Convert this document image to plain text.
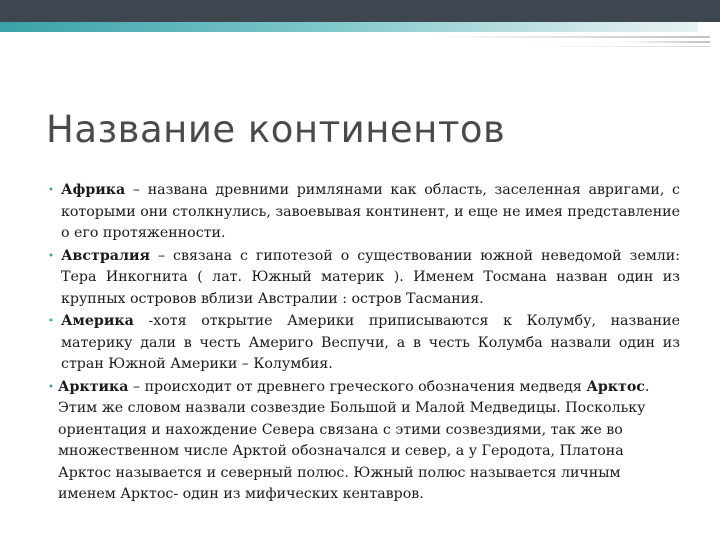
Название континентов
• Африка – названа древними римлянами как область, заселенная авригами, с которыми они столкнулись, завоевывая континент, и еще не имея представление о его протяженности.
• Австралия – связана с гипотезой о существовании южной неведомой земли: Тера Инкогнита ( лат. Южный материк ). Именем Тосмана назван один из крупных островов вблизи Австралии : остров Тасмания.
• Америка -хотя открытие Америки приписываются к Колумбу, название материку дали в честь Америго Веспучи, а в честь Колумба назвали один из стран Южной Америки – Колумбия.
• Арктика – происходит от древнего греческого обозначения медведя Арктос. Этим же словом назвали созвездие Большой и Малой Медведицы. Поскольку ориентация и нахождение Севера связана с этими созвездиями, так же во множественном числе Арктой обозначался и север, а у Геродота, Платона Арктос называется и северный полюс. Южный полюс называется личным именем Арктос- один из мифических кентавров.
